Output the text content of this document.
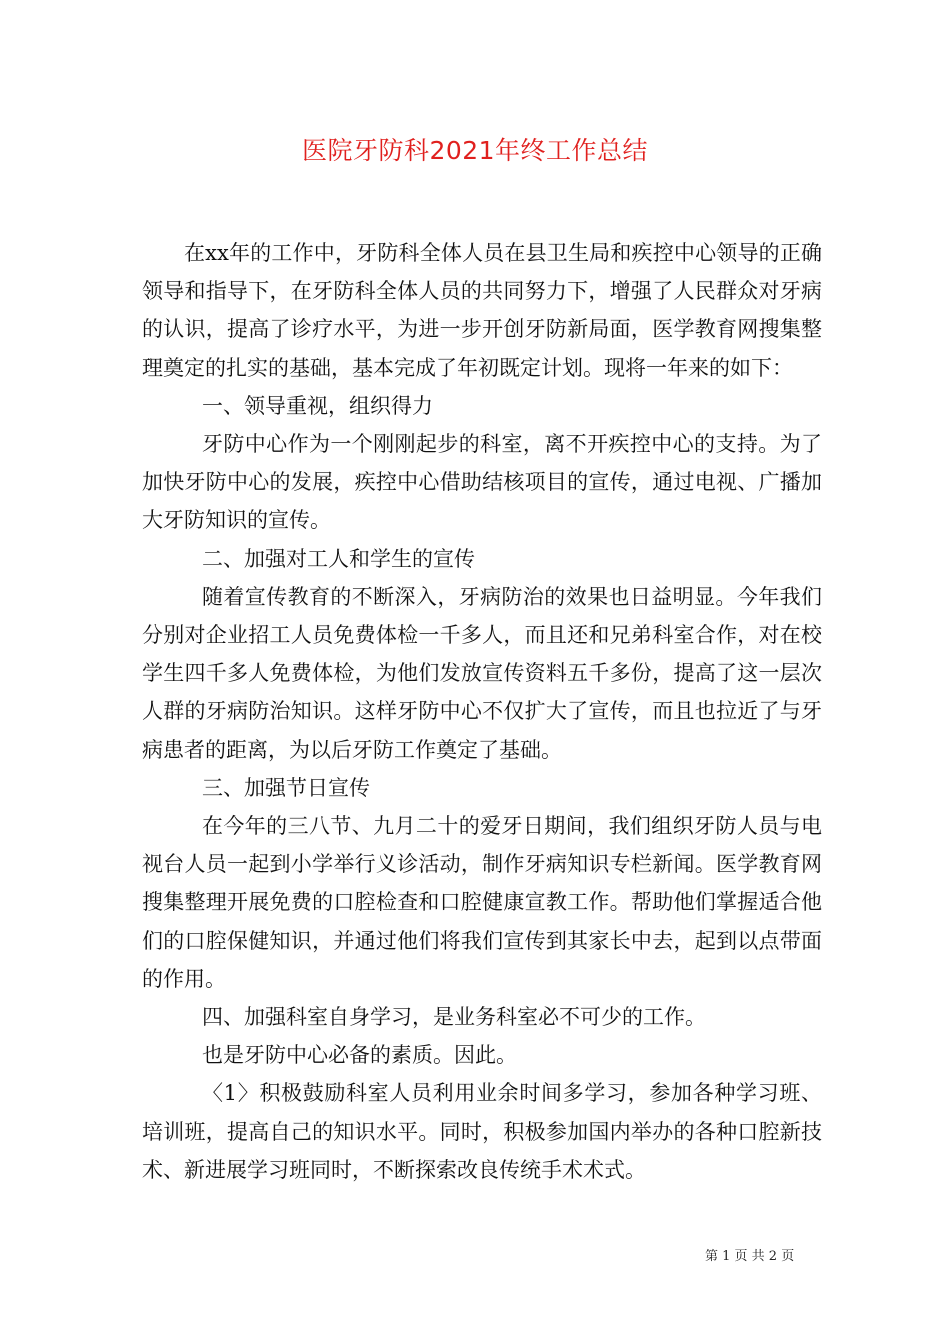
医院牙防科2021年终工作总结

在xx年的工作中，牙防科全体人员在县卫生局和疾控中心领导的正确领导和指导下，在牙防科全体人员的共同努力下，增强了人民群众对牙病的认识，提高了诊疗水平，为进一步开创牙防新局面，医学教育网搜集整理奠定的扎实的基础，基本完成了年初既定计划。现将一年来的如下：

一、领导重视，组织得力

牙防中心作为一个刚刚起步的科室，离不开疾控中心的支持。为了加快牙防中心的发展，疾控中心借助结核项目的宣传，通过电视、广播加大牙防知识的宣传。

二、加强对工人和学生的宣传

随着宣传教育的不断深入，牙病防治的效果也日益明显。今年我们分别对企业招工人员免费体检一千多人，而且还和兄弟科室合作，对在校学生四千多人免费体检，为他们发放宣传资料五千多份，提高了这一层次人群的牙病防治知识。这样牙防中心不仅扩大了宣传，而且也拉近了与牙病患者的距离，为以后牙防工作奠定了基础。

三、加强节日宣传

在今年的三八节、九月二十的爱牙日期间，我们组织牙防人员与电视台人员一起到小学举行义诊活动，制作牙病知识专栏新闻。医学教育网搜集整理开展免费的口腔检查和口腔健康宣教工作。帮助他们掌握适合他们的口腔保健知识，并通过他们将我们宣传到其家长中去，起到以点带面的作用。

四、加强科室自身学习，是业务科室必不可少的工作。

也是牙防中心必备的素质。因此。

〈1〉积极鼓励科室人员利用业余时间多学习，参加各种学习班、培训班，提高自己的知识水平。同时，积极参加国内举办的各种口腔新技术、新进展学习班同时，不断探索改良传统手术术式。

第 1 页 共 2 页
